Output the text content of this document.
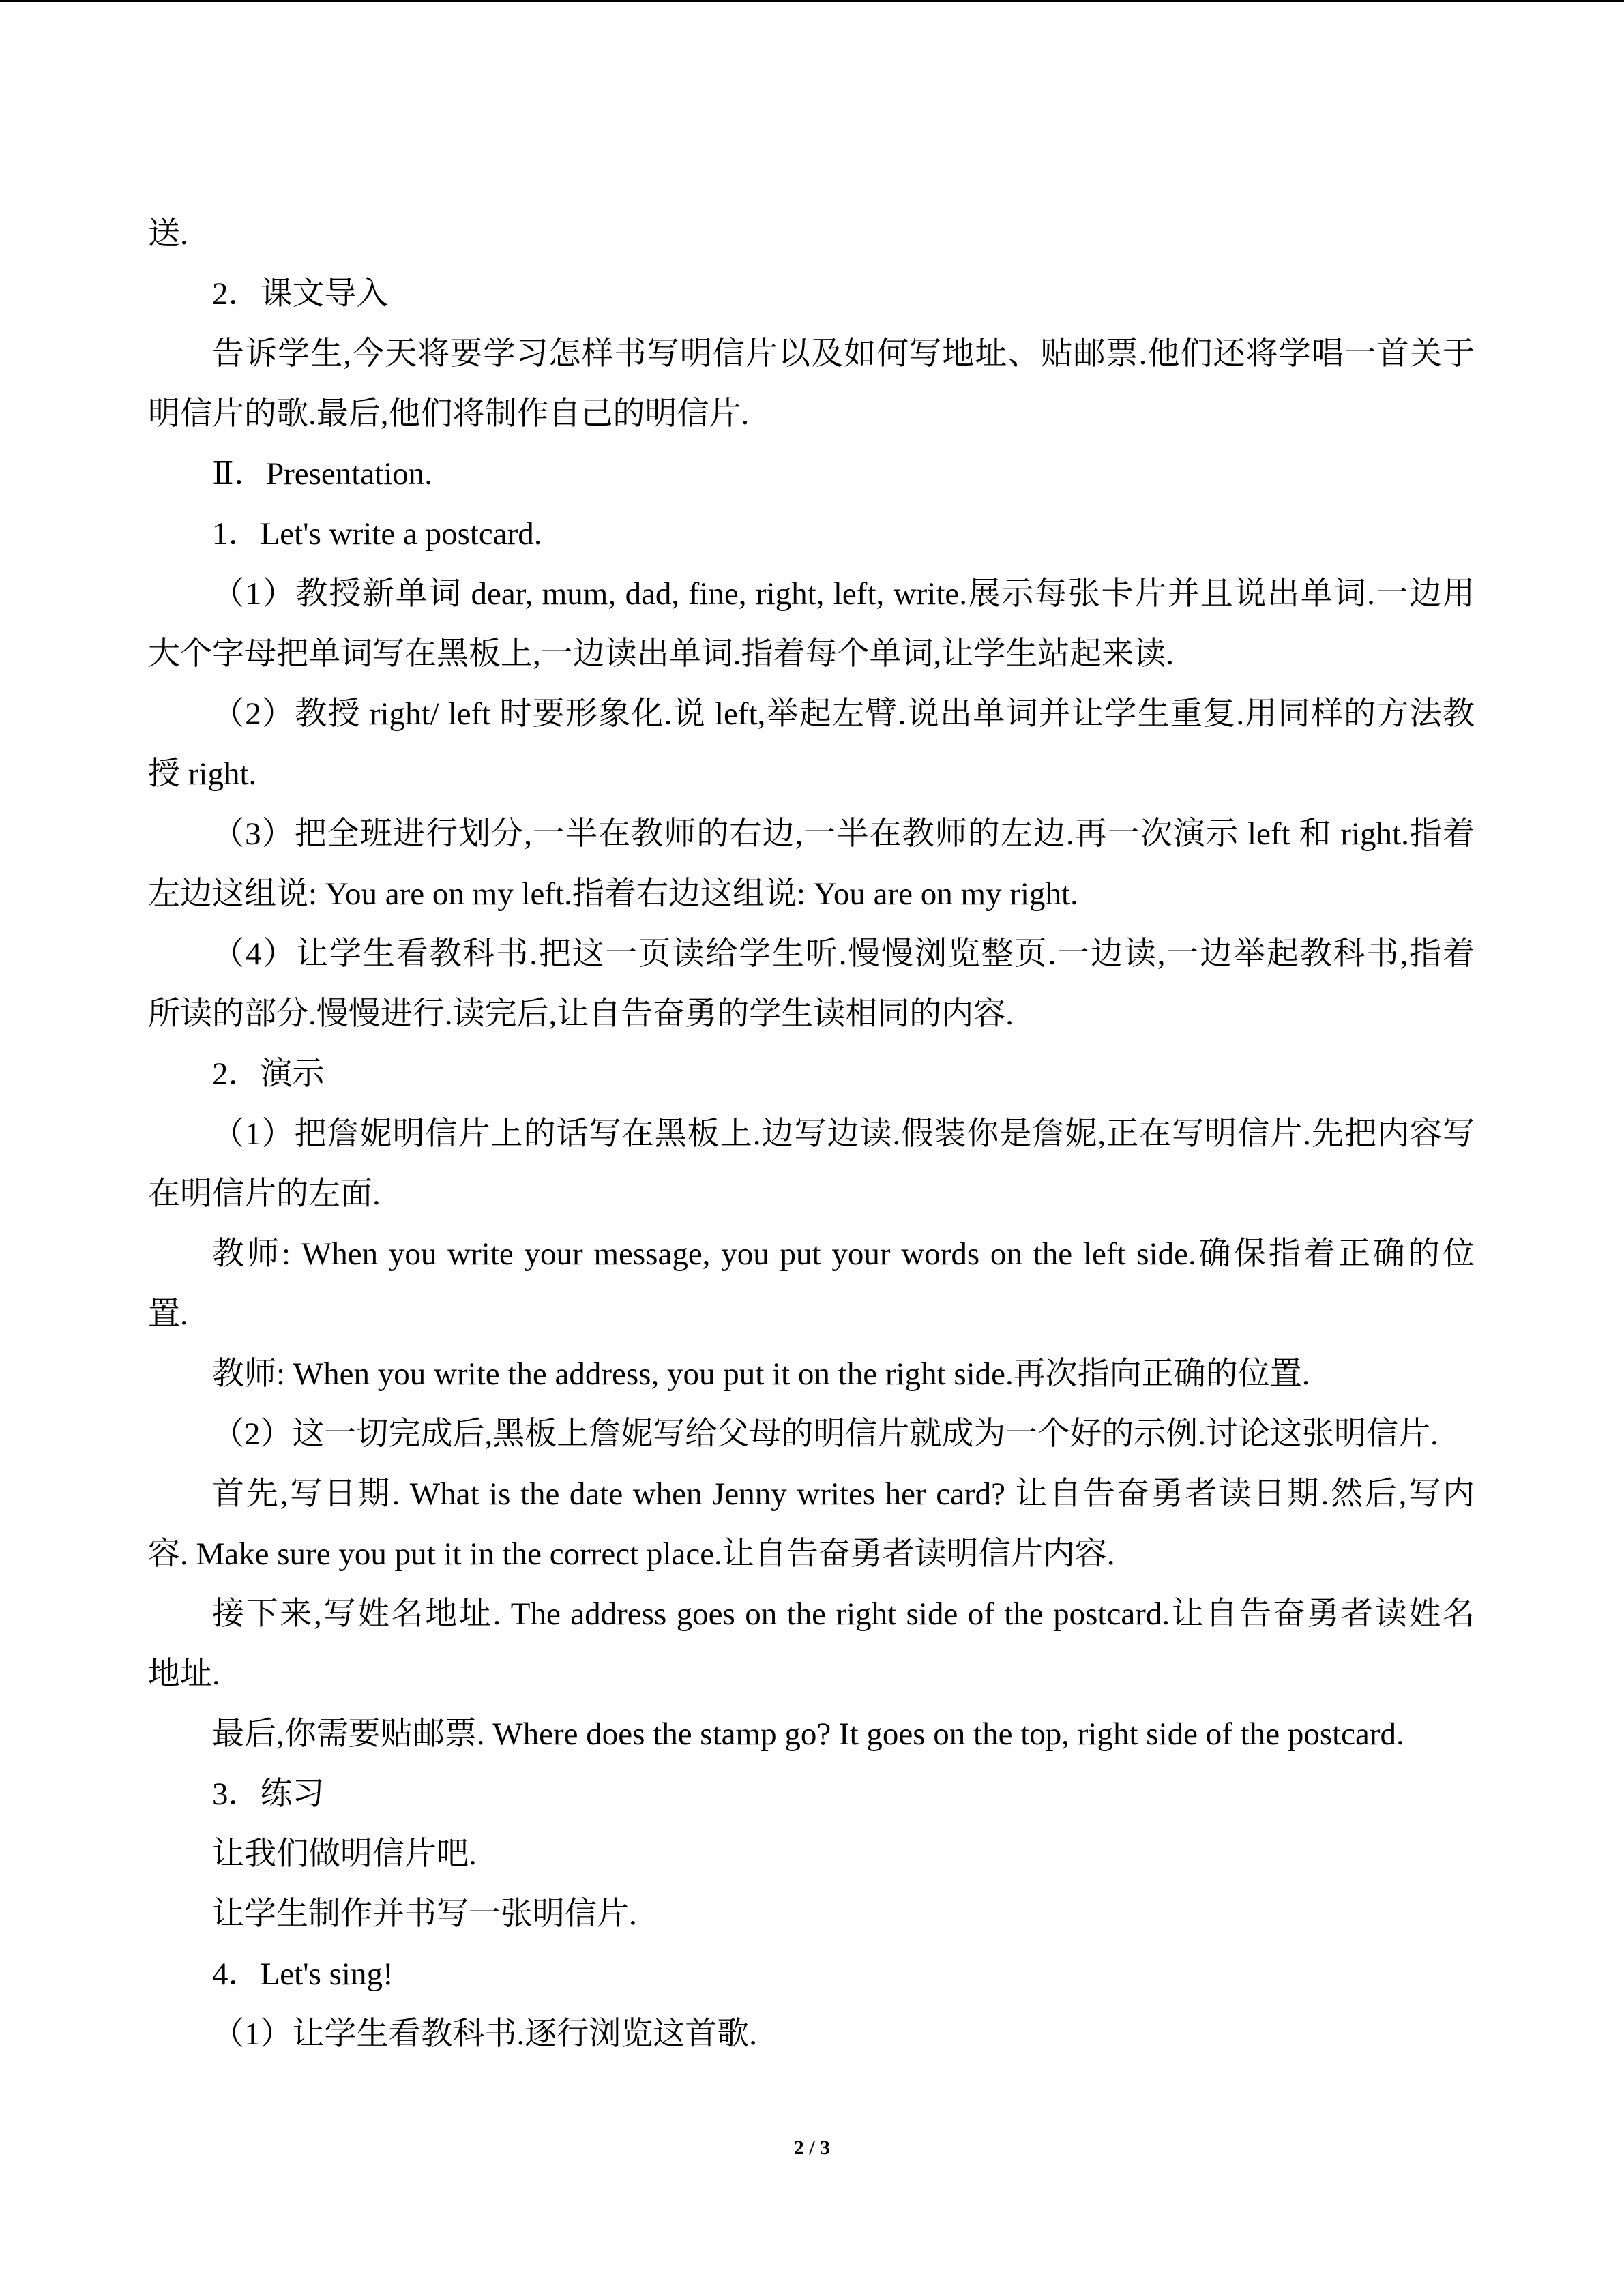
送.
2．课文导入
告诉学生,今天将要学习怎样书写明信片以及如何写地址、贴邮票.他们还将学唱一首关于
明信片的歌.最后,他们将制作自己的明信片.
Ⅱ．Presentation.
1．Let's write a postcard.
（1）教授新单词 dear, mum, dad, fine, right, left, write.展示每张卡片并且说出单词.一边用
大个字母把单词写在黑板上,一边读出单词.指着每个单词,让学生站起来读.
（2）教授 right/ left 时要形象化.说 left,举起左臂.说出单词并让学生重复.用同样的方法教
授 right.
（3）把全班进行划分,一半在教师的右边,一半在教师的左边.再一次演示 left 和 right.指着
左边这组说: You are on my left.指着右边这组说: You are on my right.
（4）让学生看教科书.把这一页读给学生听.慢慢浏览整页.一边读,一边举起教科书,指着
所读的部分.慢慢进行.读完后,让自告奋勇的学生读相同的内容.
2．演示
（1）把詹妮明信片上的话写在黑板上.边写边读.假装你是詹妮,正在写明信片.先把内容写
在明信片的左面.
教师: When you write your message, you put your words on the left side.确保指着正确的位
置.
教师: When you write the address, you put it on the right side.再次指向正确的位置.
（2）这一切完成后,黑板上詹妮写给父母的明信片就成为一个好的示例.讨论这张明信片.
首先,写日期. What is the date when Jenny writes her card? 让自告奋勇者读日期.然后,写内
容. Make sure you put it in the correct place.让自告奋勇者读明信片内容.
接下来,写姓名地址. The address goes on the right side of the postcard.让自告奋勇者读姓名
地址.
最后,你需要贴邮票. Where does the stamp go? It goes on the top, right side of the postcard.
3．练习
让我们做明信片吧.
让学生制作并书写一张明信片.
4．Let's sing!
（1）让学生看教科书.逐行浏览这首歌.
2 / 3
